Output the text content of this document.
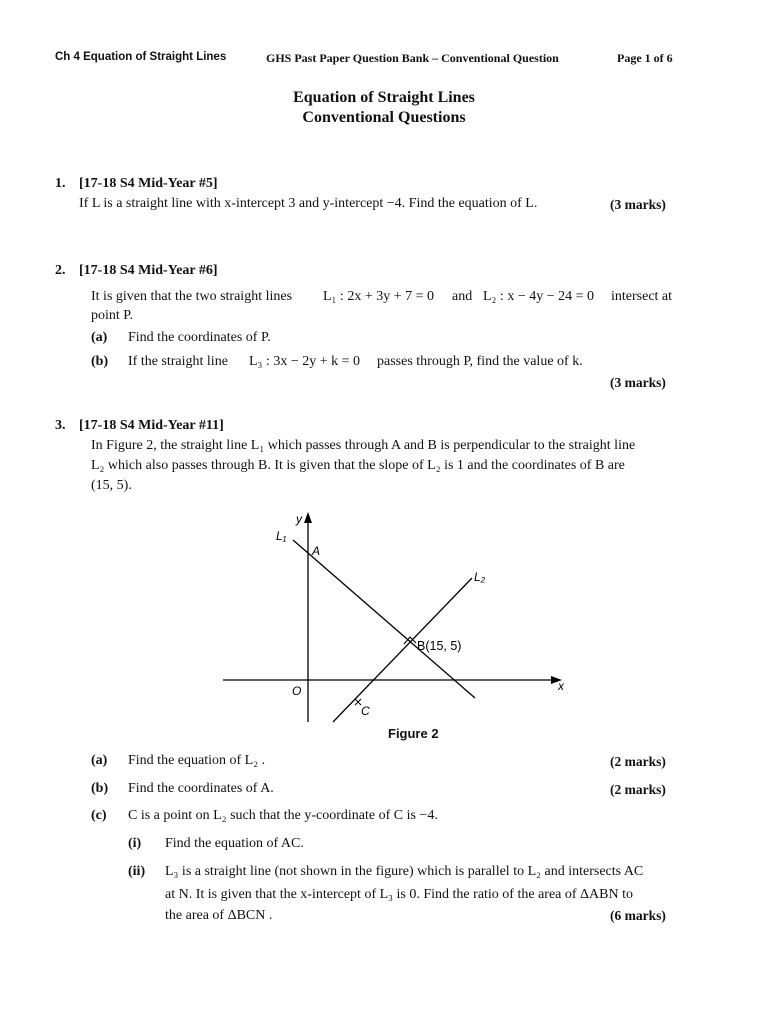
Ch 4 Equation of Straight Lines	GHS Past Paper Question Bank – Conventional Question	Page 1 of 6
Equation of Straight Lines
Conventional Questions
1. [17-18 S4 Mid-Year #5]
If L is a straight line with x-intercept 3 and y-intercept −4. Find the equation of L.	(3 marks)
2. [17-18 S4 Mid-Year #6]
It is given that the two straight lines L₁ : 2x + 3y + 7 = 0 and L₂ : x − 4y − 24 = 0 intersect at
point P.
(a) Find the coordinates of P.
(b) If the straight line L₃ : 3x − 2y + k = 0 passes through P, find the value of k.
(3 marks)
3. [17-18 S4 Mid-Year #11]
In Figure 2, the straight line L₁ which passes through A and B is perpendicular to the straight line
L₂ which also passes through B. It is given that the slope of L₂ is 1 and the coordinates of B are
(15, 5).
y
x
O
L₁
L₂
A
B(15, 5)
C
Figure 2
(a) Find the equation of L₂ .	(2 marks)
(b) Find the coordinates of A.	(2 marks)
(c) C is a point on L₂ such that the y-coordinate of C is −4.
(i) Find the equation of AC.
(ii) L₃ is a straight line (not shown in the figure) which is parallel to L₂ and intersects AC
at N. It is given that the x-intercept of L₃ is 0. Find the ratio of the area of ΔABN to
the area of ΔBCN .	(6 marks)
